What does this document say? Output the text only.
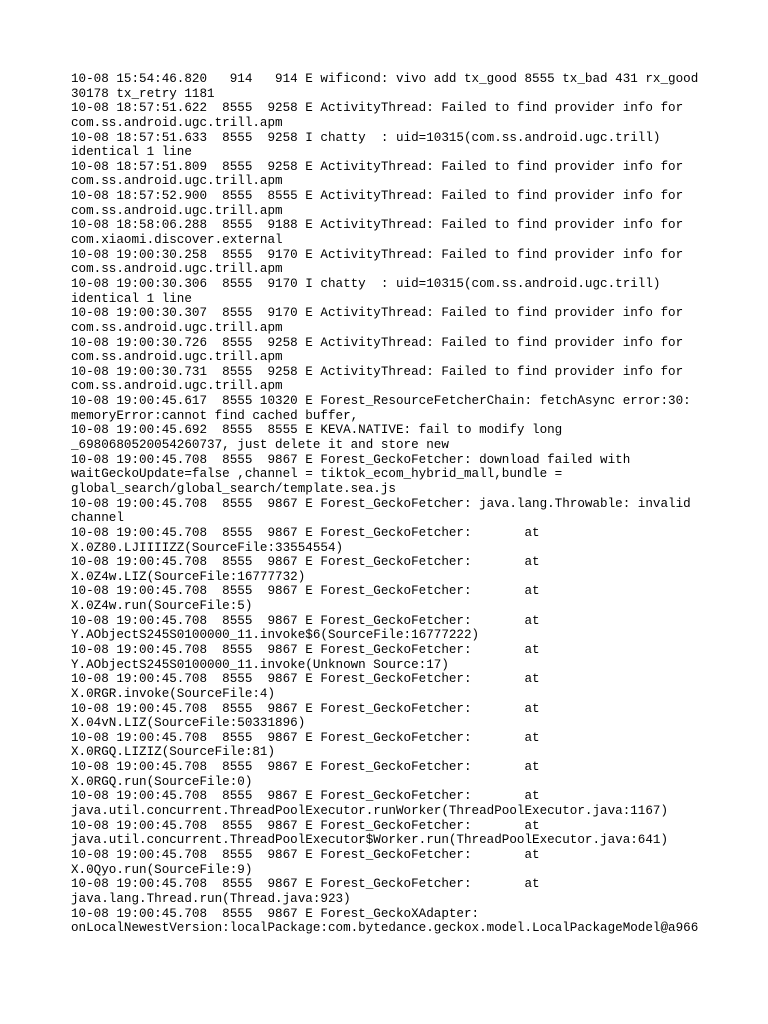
10-08 15:54:46.820   914   914 E wificond: vivo add tx_good 8555 tx_bad 431 rx_good
30178 tx_retry 1181
10-08 18:57:51.622  8555  9258 E ActivityThread: Failed to find provider info for
com.ss.android.ugc.trill.apm
10-08 18:57:51.633  8555  9258 I chatty  : uid=10315(com.ss.android.ugc.trill)
identical 1 line
10-08 18:57:51.809  8555  9258 E ActivityThread: Failed to find provider info for
com.ss.android.ugc.trill.apm
10-08 18:57:52.900  8555  8555 E ActivityThread: Failed to find provider info for
com.ss.android.ugc.trill.apm
10-08 18:58:06.288  8555  9188 E ActivityThread: Failed to find provider info for
com.xiaomi.discover.external
10-08 19:00:30.258  8555  9170 E ActivityThread: Failed to find provider info for
com.ss.android.ugc.trill.apm
10-08 19:00:30.306  8555  9170 I chatty  : uid=10315(com.ss.android.ugc.trill)
identical 1 line
10-08 19:00:30.307  8555  9170 E ActivityThread: Failed to find provider info for
com.ss.android.ugc.trill.apm
10-08 19:00:30.726  8555  9258 E ActivityThread: Failed to find provider info for
com.ss.android.ugc.trill.apm
10-08 19:00:30.731  8555  9258 E ActivityThread: Failed to find provider info for
com.ss.android.ugc.trill.apm
10-08 19:00:45.617  8555 10320 E Forest_ResourceFetcherChain: fetchAsync error:30:
memoryError:cannot find cached buffer,
10-08 19:00:45.692  8555  8555 E KEVA.NATIVE: fail to modify long
_6980680520054260737, just delete it and store new
10-08 19:00:45.708  8555  9867 E Forest_GeckoFetcher: download failed with
waitGeckoUpdate=false ,channel = tiktok_ecom_hybrid_mall,bundle =
global_search/global_search/template.sea.js
10-08 19:00:45.708  8555  9867 E Forest_GeckoFetcher: java.lang.Throwable: invalid
channel
10-08 19:00:45.708  8555  9867 E Forest_GeckoFetcher:       at
X.0Z80.LJIIIIZZ(SourceFile:33554554)
10-08 19:00:45.708  8555  9867 E Forest_GeckoFetcher:       at
X.0Z4w.LIZ(SourceFile:16777732)
10-08 19:00:45.708  8555  9867 E Forest_GeckoFetcher:       at
X.0Z4w.run(SourceFile:5)
10-08 19:00:45.708  8555  9867 E Forest_GeckoFetcher:       at
Y.AObjectS245S0100000_11.invoke$6(SourceFile:16777222)
10-08 19:00:45.708  8555  9867 E Forest_GeckoFetcher:       at
Y.AObjectS245S0100000_11.invoke(Unknown Source:17)
10-08 19:00:45.708  8555  9867 E Forest_GeckoFetcher:       at
X.0RGR.invoke(SourceFile:4)
10-08 19:00:45.708  8555  9867 E Forest_GeckoFetcher:       at
X.04vN.LIZ(SourceFile:50331896)
10-08 19:00:45.708  8555  9867 E Forest_GeckoFetcher:       at
X.0RGQ.LIZIZ(SourceFile:81)
10-08 19:00:45.708  8555  9867 E Forest_GeckoFetcher:       at
X.0RGQ.run(SourceFile:0)
10-08 19:00:45.708  8555  9867 E Forest_GeckoFetcher:       at
java.util.concurrent.ThreadPoolExecutor.runWorker(ThreadPoolExecutor.java:1167)
10-08 19:00:45.708  8555  9867 E Forest_GeckoFetcher:       at
java.util.concurrent.ThreadPoolExecutor$Worker.run(ThreadPoolExecutor.java:641)
10-08 19:00:45.708  8555  9867 E Forest_GeckoFetcher:       at
X.0Qyo.run(SourceFile:9)
10-08 19:00:45.708  8555  9867 E Forest_GeckoFetcher:       at
java.lang.Thread.run(Thread.java:923)
10-08 19:00:45.708  8555  9867 E Forest_GeckoXAdapter:
onLocalNewestVersion:localPackage:com.bytedance.geckox.model.LocalPackageModel@a966
